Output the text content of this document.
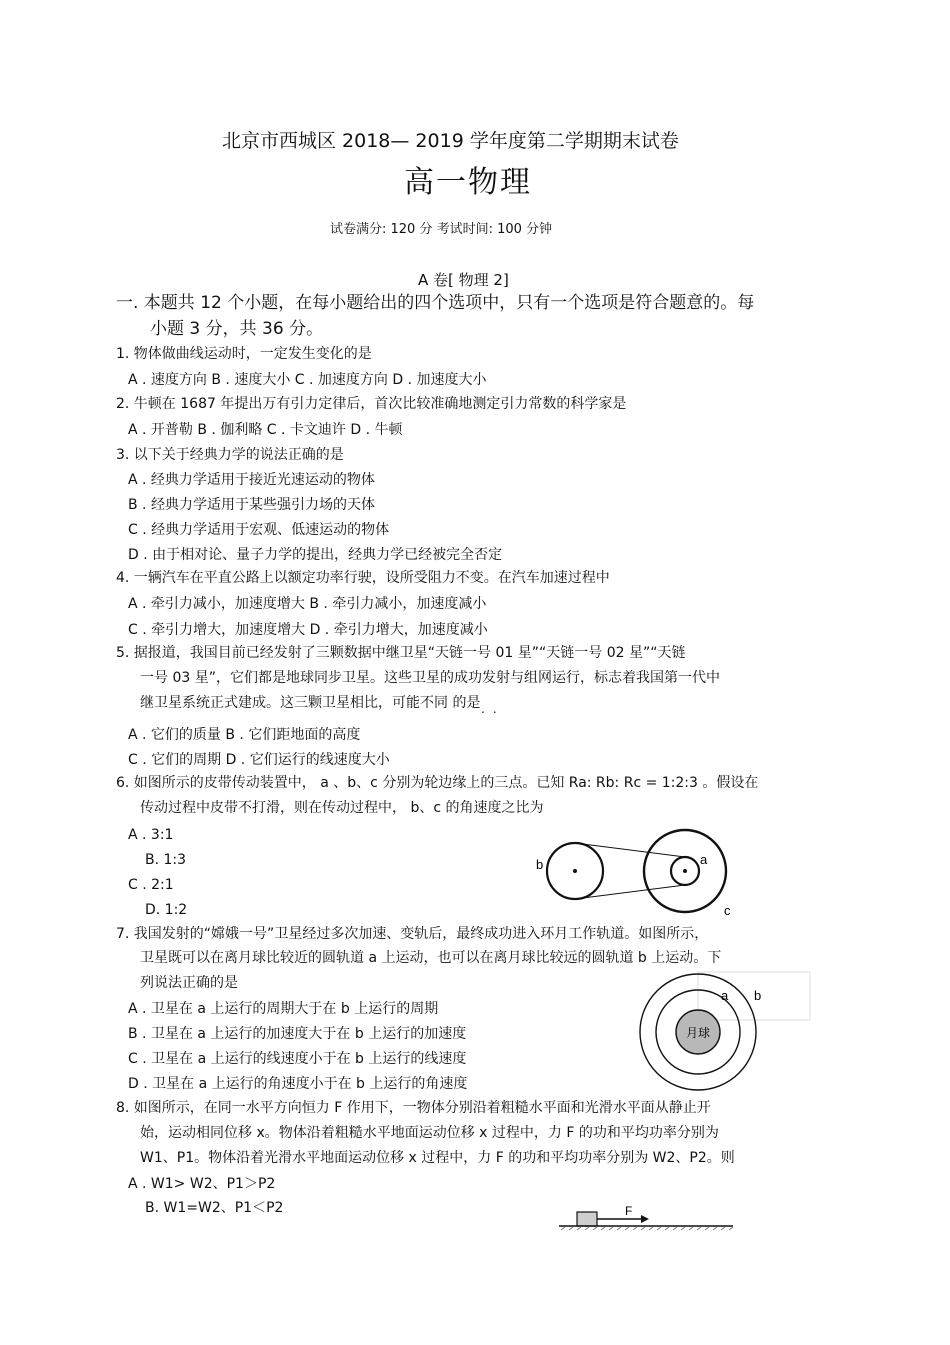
北京市西城区 2018— 2019 学年度第二学期期末试卷
高一物理
试卷满分: 120 分 考试时间: 100 分钟
A 卷[ 物理 2]
一. 本题共 12 个小题，在每小题给出的四个选项中，只有一个选项是符合题意的。每
小题 3 分，共 36 分。
1. 物体做曲线运动时，一定发生变化的是
A . 速度方向 B . 速度大小 C . 加速度方向 D . 加速度大小
2. 牛顿在 1687 年提出万有引力定律后，首次比较准确地测定引力常数的科学家是
A . 开普勒 B . 伽利略 C . 卡文迪许 D . 牛顿
3. 以下关于经典力学的说法正确的是
A . 经典力学适用于接近光速运动的物体
B . 经典力学适用于某些强引力场的天体
C . 经典力学适用于宏观、低速运动的物体
D . 由于相对论、量子力学的提出，经典力学已经被完全否定
4. 一辆汽车在平直公路上以额定功率行驶，设所受阻力不变。在汽车加速过程中
A . 牵引力减小，加速度增大 B . 牵引力减小，加速度减小
C . 牵引力增大，加速度增大 D . 牵引力增大，加速度减小
5. 据报道，我国目前已经发射了三颗数据中继卫星“天链一号 01 星”“天链一号 02 星”“天链
一号 03 星”，它们都是地球同步卫星。这些卫星的成功发射与组网运行，标志着我国第一代中
继卫星系统正式建成。这三颗卫星相比，可能不同 的是 ..
A . 它们的质量 B . 它们距地面的高度
C . 它们的周期 D . 它们运行的线速度大小
6. 如图所示的皮带传动装置中， a 、b、c 分别为轮边缘上的三点。已知 Ra: Rb: Rc = 1:2:3 。假设在
传动过程中皮带不打滑，则在传动过程中， b、c 的角速度之比为
A . 3:1
B. 1:3
C . 2:1
D. 1:2
b	a
c
7. 我国发射的“嫦娥一号”卫星经过多次加速、变轨后，最终成功进入环月工作轨道。如图所示，
卫星既可以在离月球比较近的圆轨道 a 上运动，也可以在离月球比较远的圆轨道 b 上运动。下
列说法正确的是
A . 卫星在 a 上运行的周期大于在 b 上运行的周期
B . 卫星在 a 上运行的加速度大于在 b 上运行的加速度
C . 卫星在 a 上运行的线速度小于在 b 上运行的线速度
D . 卫星在 a 上运行的角速度小于在 b 上运行的角速度
月球
a b
8. 如图所示，在同一水平方向恒力 F 作用下，一物体分别沿着粗糙水平面和光滑水平面从静止开
始，运动相同位移 x。物体沿着粗糙水平地面运动位移 x 过程中，力 F 的功和平均功率分别为
W1、P1。物体沿着光滑水平地面运动位移 x 过程中，力 F 的功和平均功率分别为 W2、P2。则
A . W1> W2、P1＞P2
B. W1=W2、P1＜P2	F
